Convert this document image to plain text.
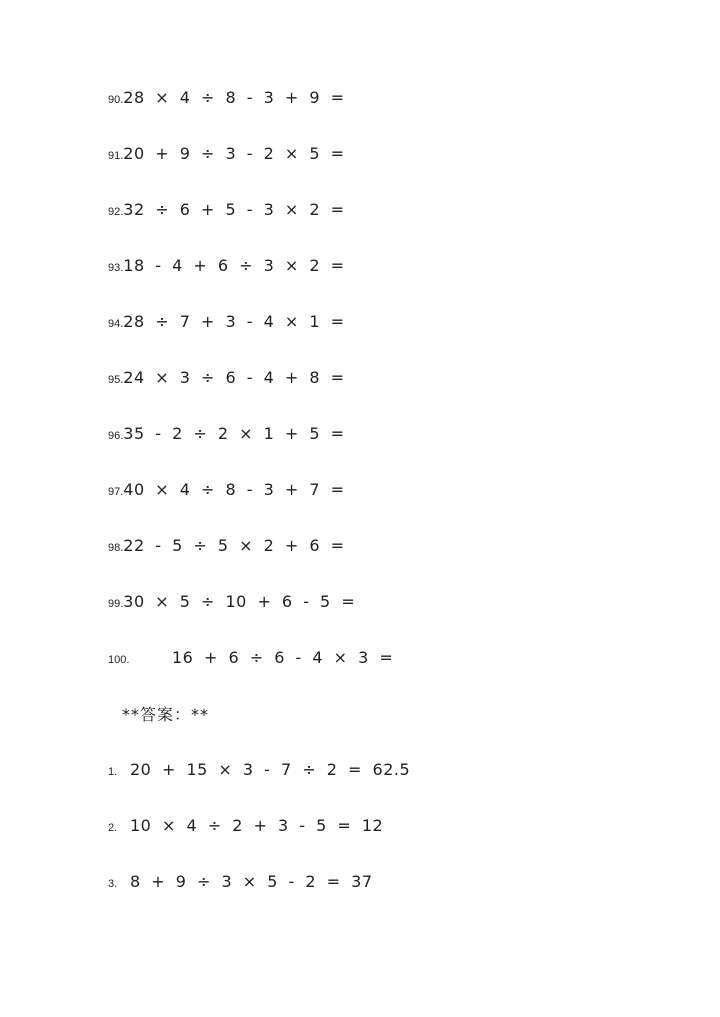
90. 28 × 4 ÷ 8 - 3 + 9 =
91. 20 + 9 ÷ 3 - 2 × 5 =
92. 32 ÷ 6 + 5 - 3 × 2 =
93. 18 - 4 + 6 ÷ 3 × 2 =
94. 28 ÷ 7 + 3 - 4 × 1 =
95. 24 × 3 ÷ 6 - 4 + 8 =
96. 35 - 2 ÷ 2 × 1 + 5 =
97. 40 × 4 ÷ 8 - 3 + 7 =
98. 22 - 5 ÷ 5 × 2 + 6 =
99. 30 × 5 ÷ 10 + 6 - 5 =
100.	16 + 6 ÷ 6 - 4 × 3 =
**答案：**
1. 20 + 15 × 3 - 7 ÷ 2 = 62.5
2. 10 × 4 ÷ 2 + 3 - 5 = 12
3. 8 + 9 ÷ 3 × 5 - 2 = 37
